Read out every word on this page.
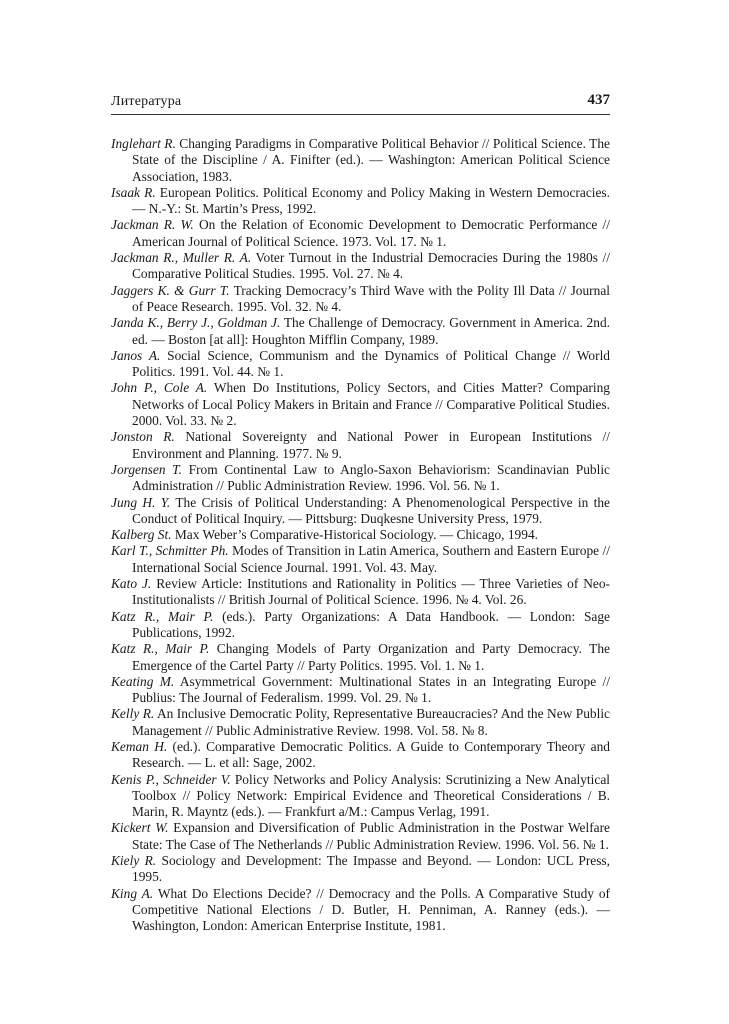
Литература	437
Inglehart R. Changing Paradigms in Comparative Political Behavior // Political Science. The State of the Discipline / A. Finifter (ed.). — Washington: American Political Science Association, 1983.
Isaak R. European Politics. Political Economy and Policy Making in Western Democracies. — N.-Y.: St. Martin’s Press, 1992.
Jackman R. W. On the Relation of Economic Development to Democratic Performance // American Journal of Political Science. 1973. Vol. 17. № 1.
Jackman R., Muller R. A. Voter Turnout in the Industrial Democracies During the 1980s // Comparative Political Studies. 1995. Vol. 27. № 4.
Jaggers K. & Gurr T. Tracking Democracy’s Third Wave with the Polity Ill Data // Journal of Peace Research. 1995. Vol. 32. № 4.
Janda K., Berry J., Goldman J. The Challenge of Democracy. Government in America. 2nd. ed. — Boston [at all]: Houghton Mifflin Company, 1989.
Janos A. Social Science, Communism and the Dynamics of Political Change // World Politics. 1991. Vol. 44. № 1.
John P., Cole A. When Do Institutions, Policy Sectors, and Cities Matter? Comparing Networks of Local Policy Makers in Britain and France // Comparative Political Studies. 2000. Vol. 33. № 2.
Jonston R. National Sovereignty and National Power in European Institutions // Environment and Planning. 1977. № 9.
Jorgensen T. From Continental Law to Anglo-Saxon Behaviorism: Scandinavian Public Administration // Public Administration Review. 1996. Vol. 56. № 1.
Jung H. Y. The Crisis of Political Understanding: A Phenomenological Perspective in the Conduct of Political Inquiry. — Pittsburg: Duqkesne University Press, 1979.
Kalberg St. Max Weber’s Comparative-Historical Sociology. — Chicago, 1994.
Karl T., Schmitter Ph. Modes of Transition in Latin America, Southern and Eastern Europe // International Social Science Journal. 1991. Vol. 43. May.
Kato J. Review Article: Institutions and Rationality in Politics — Three Varieties of Neo-Institutionalists // British Journal of Political Science. 1996. № 4. Vol. 26.
Katz R., Mair P. (eds.). Party Organizations: A Data Handbook. — London: Sage Publications, 1992.
Katz R., Mair P. Changing Models of Party Organization and Party Democracy. The Emergence of the Cartel Party // Party Politics. 1995. Vol. 1. № 1.
Keating M. Asymmetrical Government: Multinational States in an Integrating Europe // Publius: The Journal of Federalism. 1999. Vol. 29. № 1.
Kelly R. An Inclusive Democratic Polity, Representative Bureaucracies? And the New Public Management // Public Administrative Review. 1998. Vol. 58. № 8.
Keman H. (ed.). Comparative Democratic Politics. A Guide to Contemporary Theory and Research. — L. et all: Sage, 2002.
Kenis P., Schneider V. Policy Networks and Policy Analysis: Scrutinizing a New Analytical Toolbox // Policy Network: Empirical Evidence and Theoretical Considerations / B. Marin, R. Mayntz (eds.). — Frankfurt a/M.: Campus Verlag, 1991.
Kickert W. Expansion and Diversification of Public Administration in the Postwar Welfare State: The Case of The Netherlands // Public Administration Review. 1996. Vol. 56. № 1.
Kiely R. Sociology and Development: The Impasse and Beyond. — London: UCL Press, 1995.
King A. What Do Elections Decide? // Democracy and the Polls. A Comparative Study of Competitive National Elections / D. Butler, H. Penniman, A. Ranney (eds.). — Washington, London: American Enterprise Institute, 1981.
